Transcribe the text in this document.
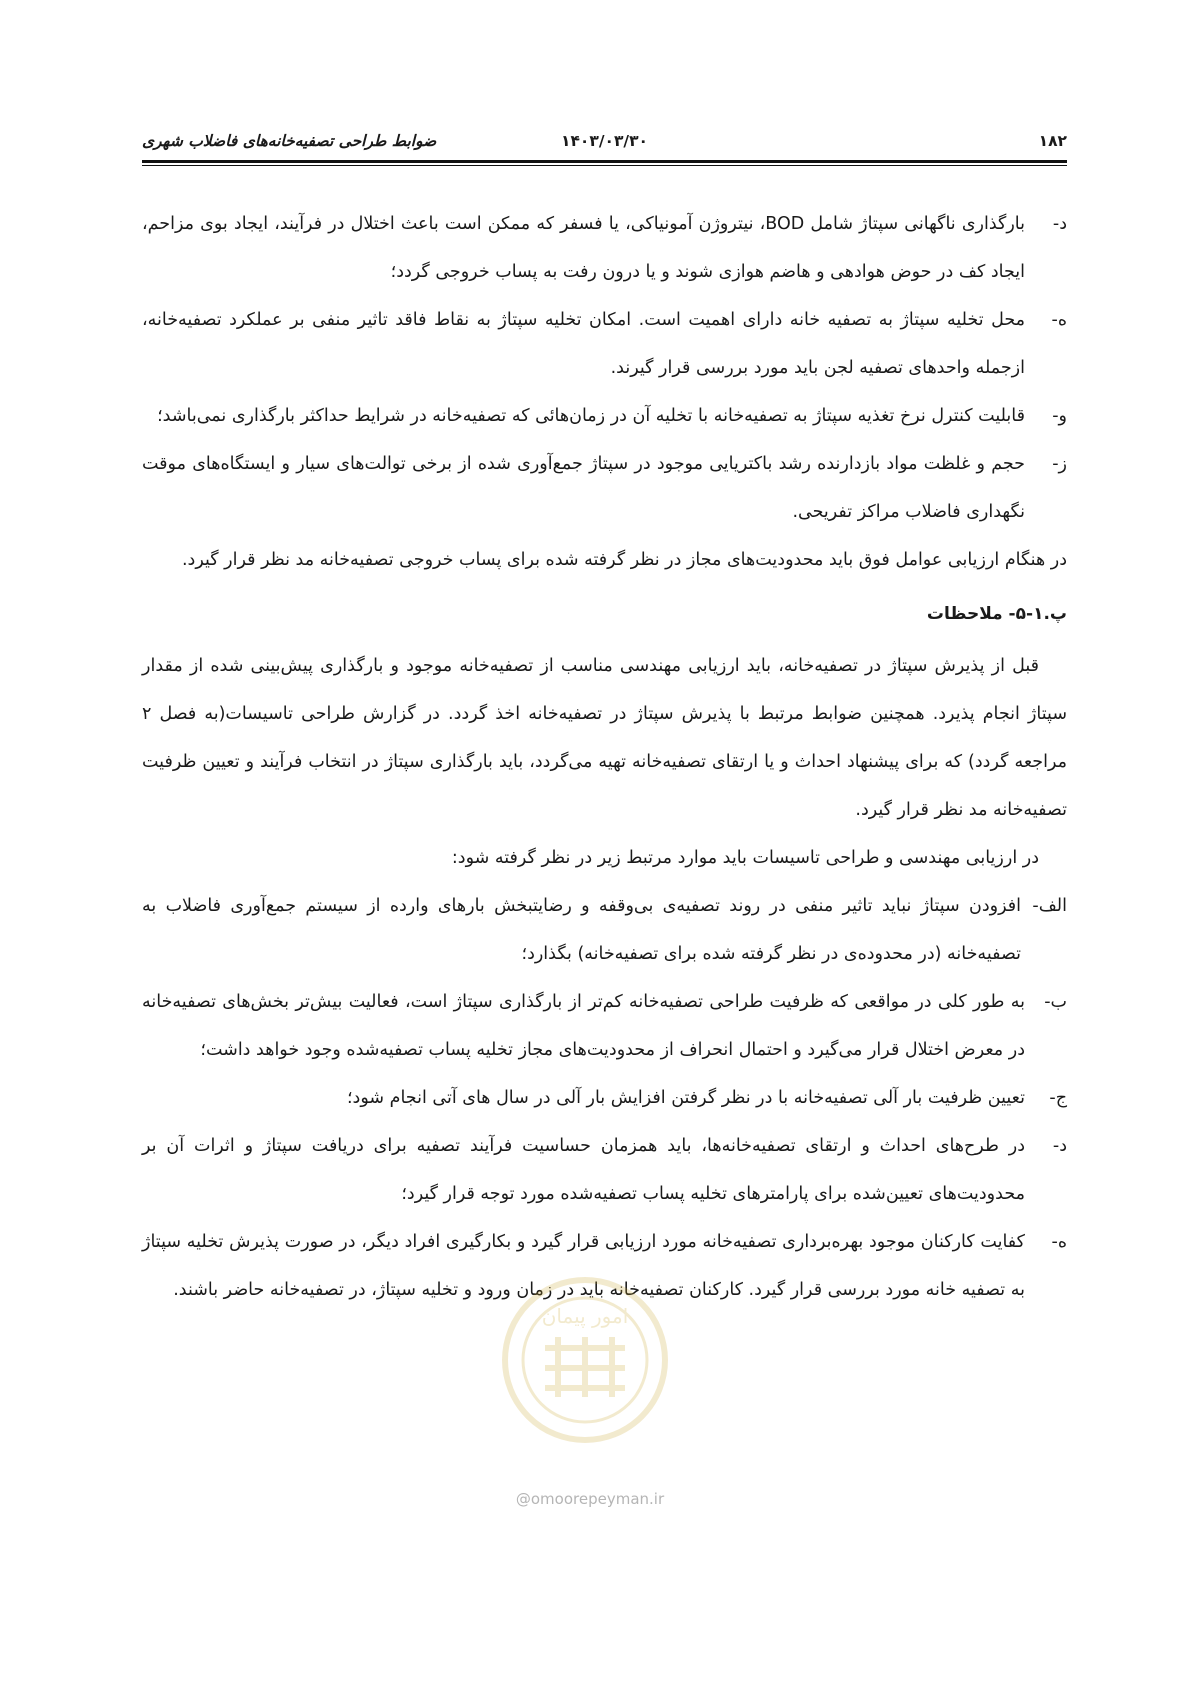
۱۸۲
۱۴۰۳/۰۳/۳۰
ضوابط طراحی تصفیه‌خانه‌های فاضلاب شهری
د-
بارگذاری ناگهانی سپتاژ شامل BOD، نیتروژن آمونیاکی، یا فسفر که ممکن است باعث اختلال در فرآیند، ایجاد بوی مزاحم، ایجاد کف در حوض هوادهی و هاضم هوازی شوند و یا درون رفت به پساب خروجی گردد؛
ه-
محل تخلیه سپتاژ به تصفیه خانه دارای اهمیت است. امکان تخلیه سپتاژ به نقاط فاقد تاثیر منفی بر عملکرد تصفیه‌خانه، ازجمله واحدهای تصفیه لجن باید مورد بررسی قرار گیرند.
و-
قابلیت کنترل نرخ تغذیه سپتاژ به تصفیه‌خانه با تخلیه آن در زمان‌هائی که تصفیه‌خانه در شرایط حداکثر بارگذاری نمی‌باشد؛
ز-
حجم و غلظت مواد بازدارنده رشد باکتریایی موجود در سپتاژ جمع‌آوری شده از برخی توالت‌های سیار و ایستگاه‌های موقت نگهداری فاضلاب مراکز تفریحی.

در هنگام ارزیابی عوامل فوق باید محدودیت‌های مجاز در نظر گرفته شده برای پساب خروجی تصفیه‌خانه مد نظر قرار گیرد.

پ.۱-۵- ملاحظات

قبل از پذیرش سپتاژ در تصفیه‌خانه، باید ارزیابی مهندسی مناسب از تصفیه‌خانه موجود و بارگذاری پیش‌بینی شده از مقدار سپتاژ انجام پذیرد. همچنین ضوابط مرتبط با پذیرش سپتاژ در تصفیه‌خانه اخذ گردد. در گزارش طراحی تاسیسات(به فصل ۲ مراجعه گردد) که برای پیشنهاد احداث و یا ارتقای تصفیه‌خانه تهیه می‌گردد، باید بارگذاری سپتاژ در انتخاب فرآیند و تعیین ظرفیت تصفیه‌خانه مد نظر قرار گیرد.

در ارزیابی مهندسی و طراحی تاسیسات باید موارد مرتبط زیر در نظر گرفته شود:

الف-
افزودن سپتاژ نباید تاثیر منفی در روند تصفیه‌ی بی‌وقفه و رضایتبخش بارهای وارده از سیستم جمع‌آوری فاضلاب به تصفیه‌خانه (در محدوده‌ی در نظر گرفته شده برای تصفیه‌خانه) بگذارد؛
ب-
به طور کلی در مواقعی که ظرفیت طراحی تصفیه‌خانه کم‌تر از بارگذاری سپتاژ است، فعالیت بیش‌تر بخش‌های تصفیه‌خانه در معرض اختلال قرار می‌گیرد و احتمال انحراف از محدودیت‌های مجاز تخلیه پساب تصفیه‌شده وجود خواهد داشت؛
ج-
تعیین ظرفیت بار آلی تصفیه‌خانه با در نظر گرفتن افزایش بار آلی در سال های آتی انجام شود؛
د-
در طرح‌های احداث و ارتقای تصفیه‌خانه‌ها، باید همزمان حساسیت فرآیند تصفیه برای دریافت سپتاژ و اثرات آن بر محدودیت‌های تعیین‌شده برای پارامترهای تخلیه پساب تصفیه‌شده مورد توجه قرار گیرد؛
ه-
کفایت کارکنان موجود بهره‌برداری تصفیه‌خانه مورد ارزیابی قرار گیرد و بکارگیری افراد دیگر، در صورت پذیرش تخلیه سپتاژ به تصفیه خانه مورد بررسی قرار گیرد. کارکنان تصفیه‌خانه باید در زمان ورود و تخلیه سپتاژ، در تصفیه‌خانه حاضر باشند.
امور پیمان
@omoorepeyman.ir
